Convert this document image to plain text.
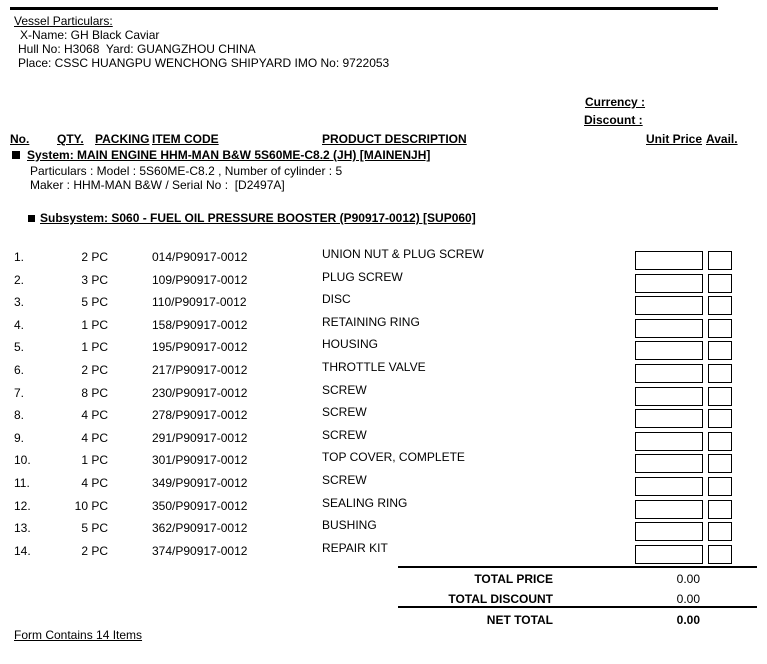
Vessel Particulars:
X-Name: GH Black Caviar
Hull No: H3068  Yard: GUANGZHOU CHINA
Place: CSSC HUANGPU WENCHONG SHIPYARD IMO No: 9722053
Currency :
Discount :
No. QTY. PACKING ITEM CODE	PRODUCT DESCRIPTION	Unit Price Avail.
System: MAIN ENGINE HHM-MAN B&W 5S60ME-C8.2 (JH) [MAINENJH]
Particulars : Model : 5S60ME-C8.2 , Number of cylinder : 5
Maker : HHM-MAN B&W / Serial No :  [D2497A]
Subsystem: S060 - FUEL OIL PRESSURE BOOSTER (P90917-0012) [SUP060]
1.	2 PC	014/P90917-0012	UNION NUT & PLUG SCREW
2.	3 PC	109/P90917-0012	PLUG SCREW
3.	5 PC	110/P90917-0012	DISC
4.	1 PC	158/P90917-0012	RETAINING RING
5.	1 PC	195/P90917-0012	HOUSING
6.	2 PC	217/P90917-0012	THROTTLE VALVE
7.	8 PC	230/P90917-0012	SCREW
8.	4 PC	278/P90917-0012	SCREW
9.	4 PC	291/P90917-0012	SCREW
10.	1 PC	301/P90917-0012	TOP COVER, COMPLETE
11.	4 PC	349/P90917-0012	SCREW
12.	10 PC	350/P90917-0012	SEALING RING
13.	5 PC	362/P90917-0012	BUSHING
14.	2 PC	374/P90917-0012	REPAIR KIT
TOTAL PRICE	0.00
TOTAL DISCOUNT	0.00
NET TOTAL	0.00
Form Contains 14 Items
